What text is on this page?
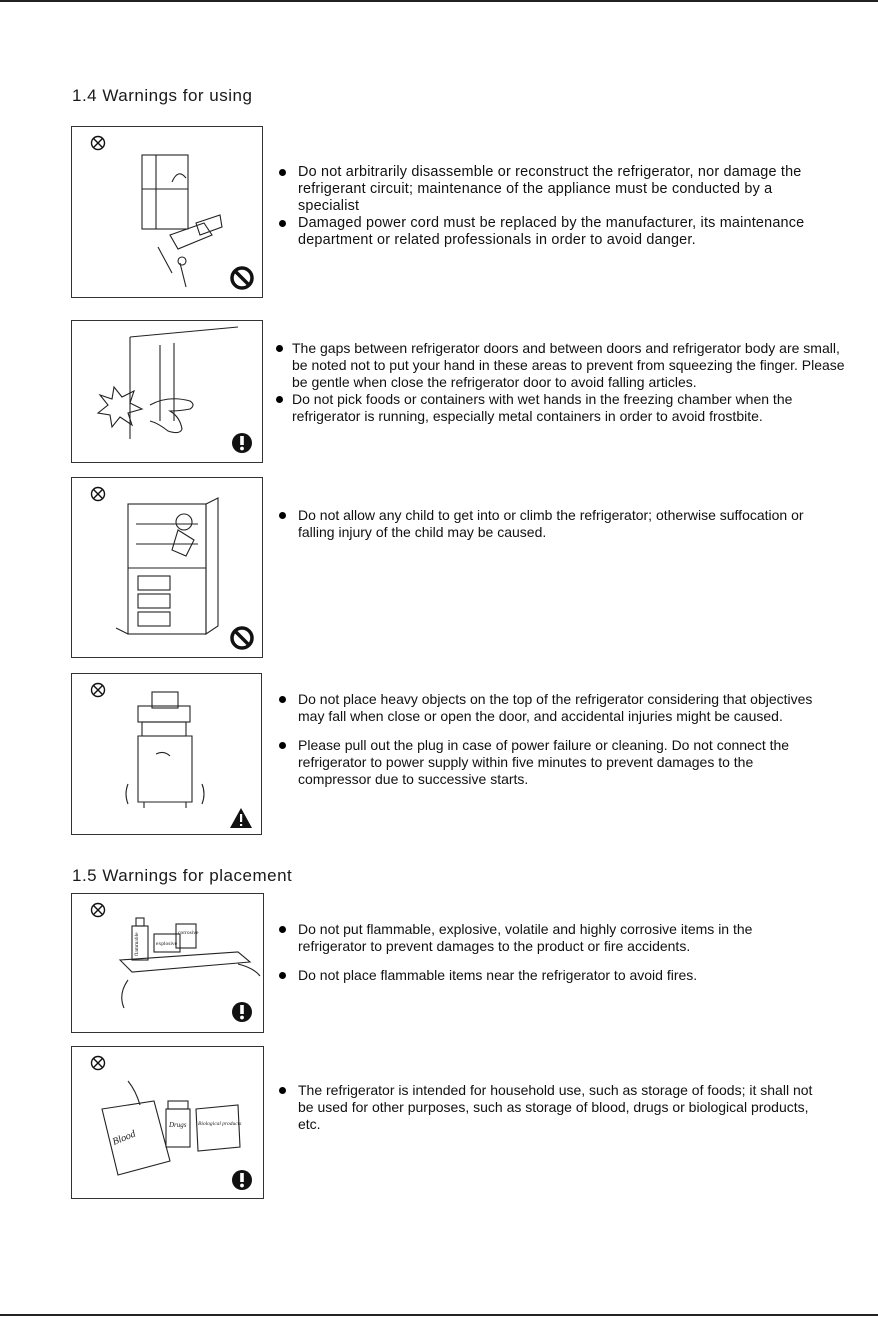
1.4 Warnings for using
Do not arbitrarily disassemble or reconstruct the refrigerator, nor damage the refrigerant circuit; maintenance of the appliance must be conducted by a specialist
Damaged power cord must be replaced by the manufacturer, its maintenance department or related professionals in order to avoid danger.
The gaps between refrigerator doors and between doors and refrigerator body are small, be noted not to put your hand in these areas to prevent from squeezing the finger. Please be gentle when close the refrigerator door to avoid falling articles.
Do not pick foods or containers with wet hands in the freezing chamber when the refrigerator is running, especially metal containers in order to avoid frostbite.
Do not allow any child to get into or climb the refrigerator; otherwise suffocation or falling injury of the child may be caused.
Do not place heavy objects on the top of the refrigerator considering that objectives may fall when close or open the door, and accidental injuries might be caused.
Please pull out the plug in case of power failure or cleaning. Do not connect the refrigerator to power supply within five minutes to prevent damages to the compressor due to successive starts.
1.5 Warnings for placement
flammable	explosive
corrosive	Do not put flammable, explosive, volatile and highly corrosive items in the refrigerator to prevent damages to the product or fire accidents.
Do not place flammable items near the refrigerator to avoid fires.
Blood
Drugs Biological products
The refrigerator is intended for household use, such as storage of foods; it shall not be used for other purposes, such as storage of blood, drugs or biological products, etc.
